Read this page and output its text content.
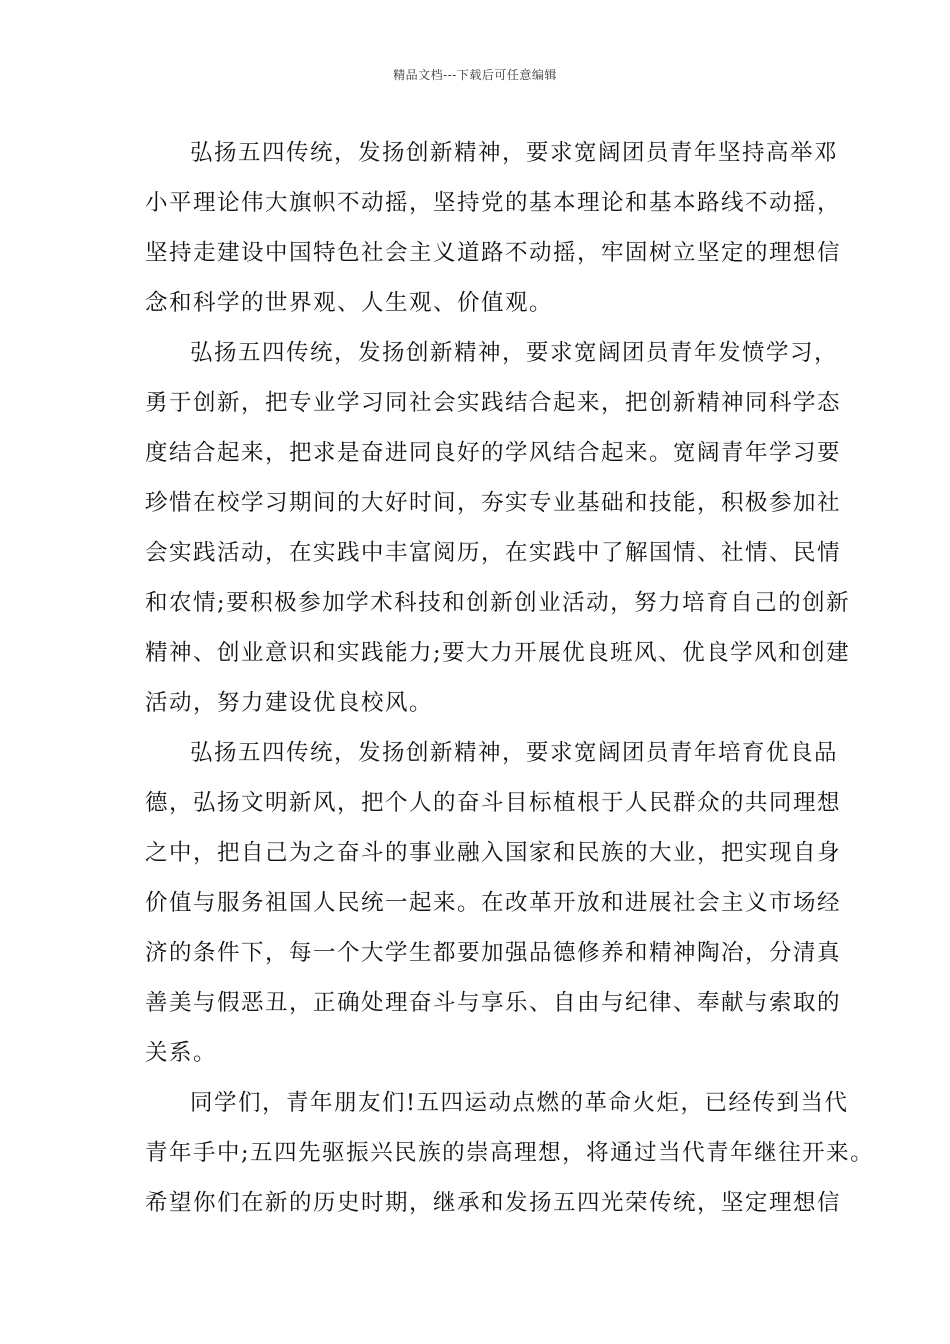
精品文档---下载后可任意编辑

弘扬五四传统，发扬创新精神，要求宽阔团员青年坚持高举邓
小平理论伟大旗帜不动摇，坚持党的基本理论和基本路线不动摇，
坚持走建设中国特色社会主义道路不动摇，牢固树立坚定的理想信
念和科学的世界观、人生观、价值观。

弘扬五四传统，发扬创新精神，要求宽阔团员青年发愤学习，
勇于创新，把专业学习同社会实践结合起来，把创新精神同科学态
度结合起来，把求是奋进同良好的学风结合起来。宽阔青年学习要
珍惜在校学习期间的大好时间，夯实专业基础和技能，积极参加社
会实践活动，在实践中丰富阅历，在实践中了解国情、社情、民情
和农情;要积极参加学术科技和创新创业活动，努力培育自己的创新
精神、创业意识和实践能力;要大力开展优良班风、优良学风和创建
活动，努力建设优良校风。

弘扬五四传统，发扬创新精神，要求宽阔团员青年培育优良品
德，弘扬文明新风，把个人的奋斗目标植根于人民群众的共同理想
之中，把自己为之奋斗的事业融入国家和民族的大业，把实现自身
价值与服务祖国人民统一起来。在改革开放和进展社会主义市场经
济的条件下，每一个大学生都要加强品德修养和精神陶冶，分清真
善美与假恶丑，正确处理奋斗与享乐、自由与纪律、奉献与索取的
关系。

同学们，青年朋友们!五四运动点燃的革命火炬，已经传到当代
青年手中;五四先驱振兴民族的崇高理想，将通过当代青年继往开来。
希望你们在新的历史时期，继承和发扬五四光荣传统，坚定理想信
